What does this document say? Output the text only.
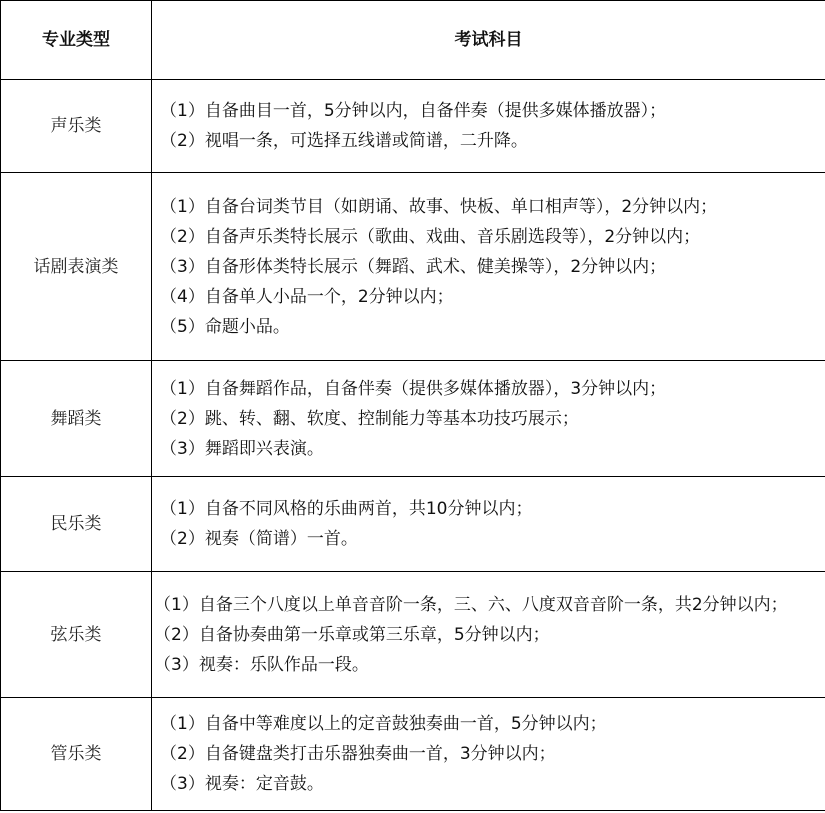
专业类型	考试科目
声乐类	（1）自备曲目一首，5分钟以内，自备伴奏（提供多媒体播放器）；
（2）视唱一条，可选择五线谱或简谱，二升降。

话剧表演类	（1）自备台词类节目（如朗诵、故事、快板、单口相声等），2分钟以内；
（2）自备声乐类特长展示（歌曲、戏曲、音乐剧选段等），2分钟以内；
（3）自备形体类特长展示（舞蹈、武术、健美操等），2分钟以内；
（4）自备单人小品一个，2分钟以内；
（5）命题小品。

舞蹈类	（1）自备舞蹈作品，自备伴奏（提供多媒体播放器），3分钟以内；
（2）跳、转、翻、软度、控制能力等基本功技巧展示；
（3）舞蹈即兴表演。

民乐类	（1）自备不同风格的乐曲两首，共10分钟以内；
（2）视奏（简谱）一首。

弦乐类	（1）自备三个八度以上单音音阶一条，三、六、八度双音音阶一条，共2分钟以内；
（2）自备协奏曲第一乐章或第三乐章，5分钟以内；
（3）视奏：乐队作品一段。

管乐类	（1）自备中等难度以上的定音鼓独奏曲一首，5分钟以内；
（2）自备键盘类打击乐器独奏曲一首，3分钟以内；
（3）视奏：定音鼓。
